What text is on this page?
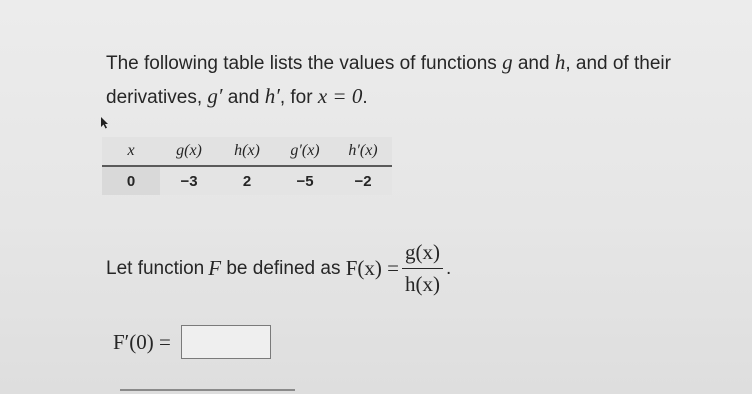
The following table lists the values of functions g and h, and of their
derivatives, g′ and h′, for x = 0.
x	g(x)	h(x)	g′(x)	h′(x)
0	−3	2	−5	−2
Let function F be defined as $F(x) = \frac{g(x)}{h(x)}$ .
F′(0) =
